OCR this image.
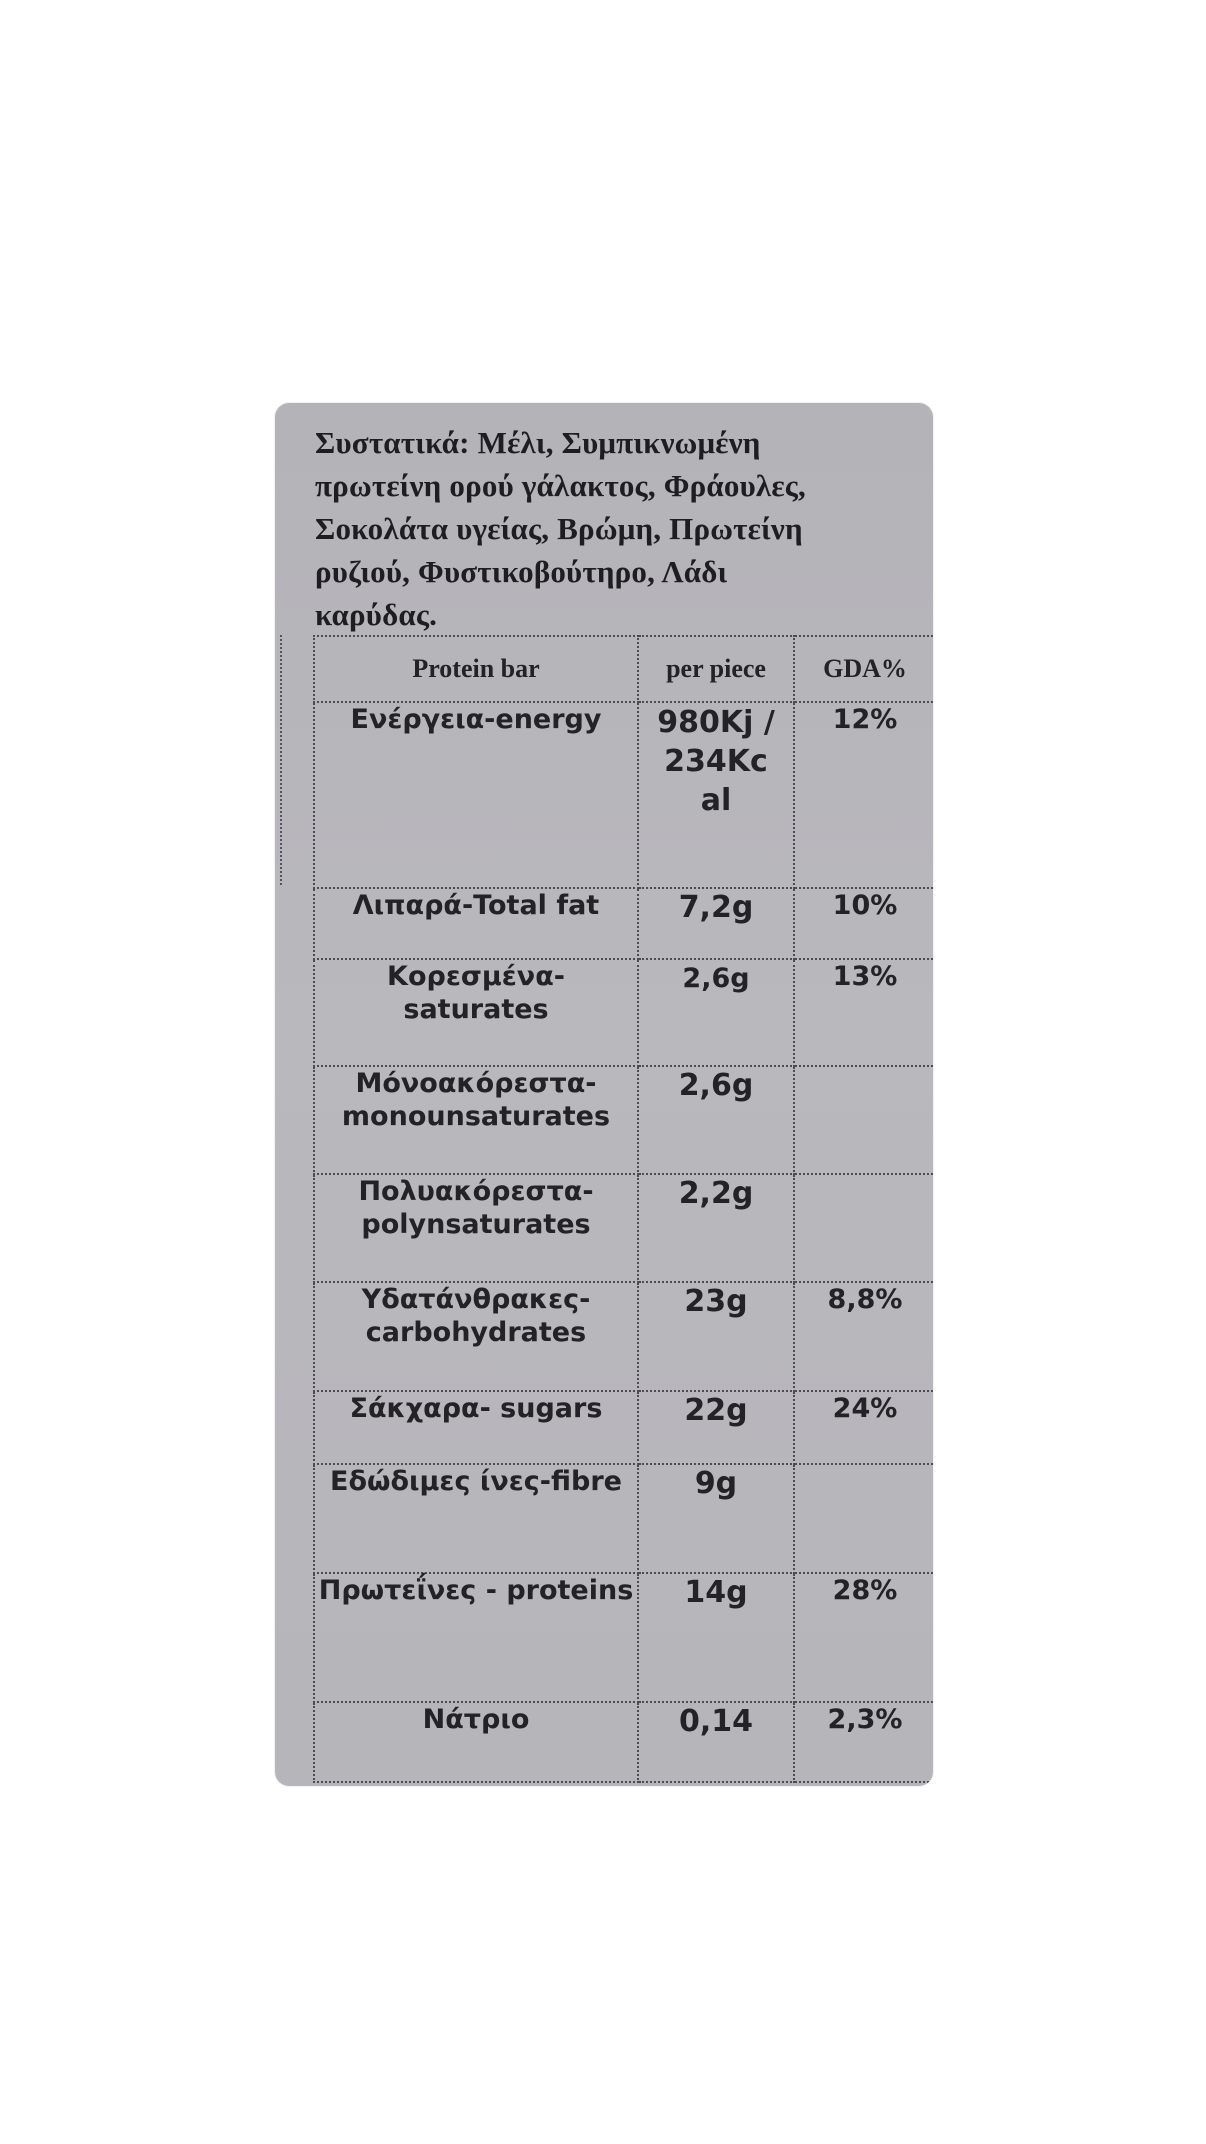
Συστατικά: Μέλι, Συμπικνωμένη
πρωτείνη ορού γάλακτος, Φράουλες,
Σοκολάτα υγείας, Βρώμη, Πρωτείνη
ρυζιού, Φυστικοβούτηρο, Λάδι
καρύδας.
Protein bar	per piece	GDA%
Ενέργεια-energy	980Kj / 234Kcal	12%
Λιπαρά-Total fat	7,2g	10%
Κορεσμένα-saturates	2,6g	13%
Μόνοακόρεστα-monounsaturates	2,6g	
Πολυακόρεστα-polynsaturates	2,2g	
Υδατάνθρακες-carbohydrates	23g	8,8%
Σάκχαρα- sugars	22g	24%
Εδώδιμες ίνες-fibre	9g	
Πρωτεΐνες - proteins	14g	28%
Νάτριο	0,14	2,3%
